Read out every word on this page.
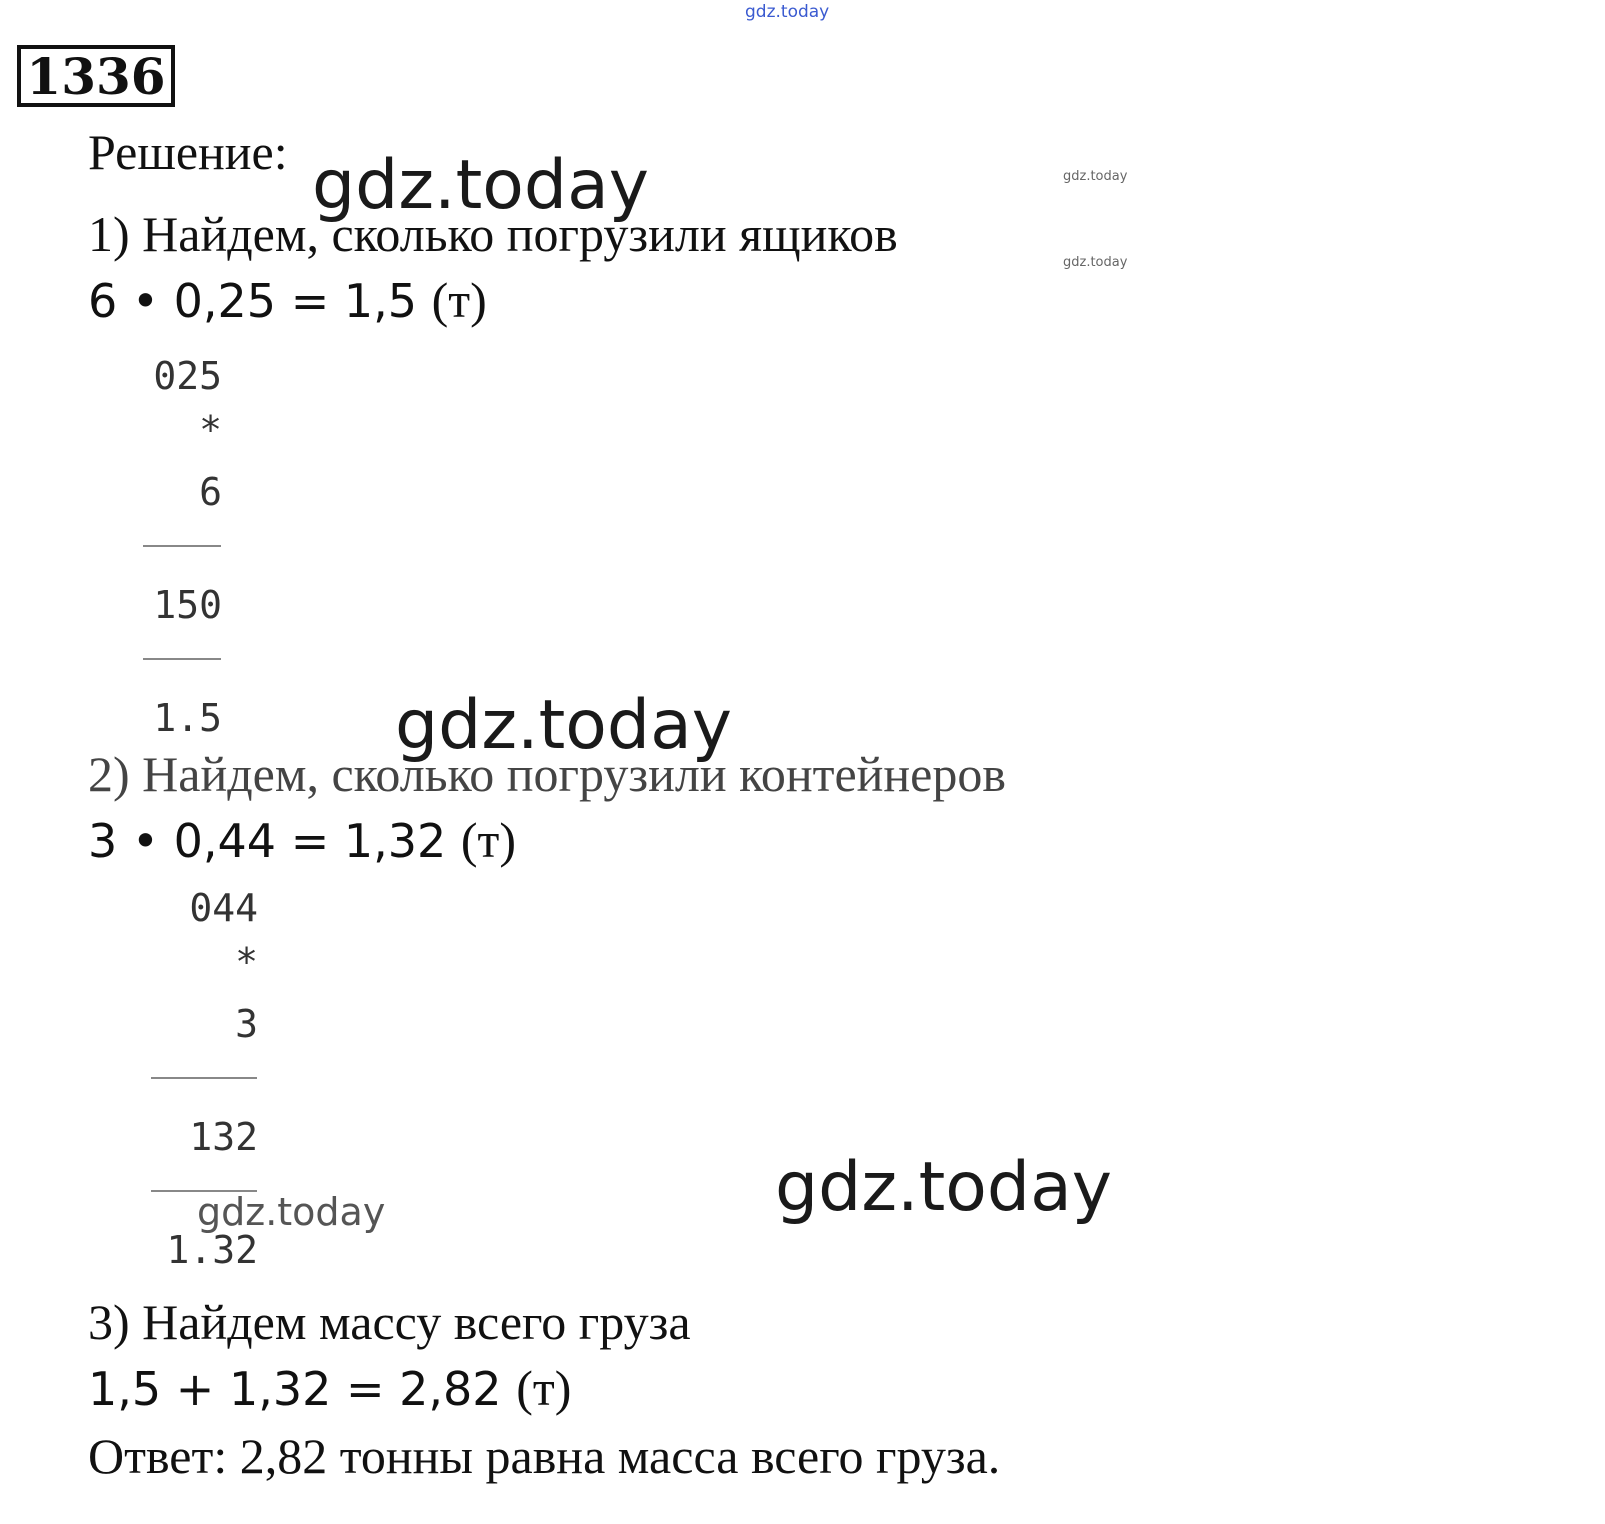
gdz.today
1336
Решение:	gdz.today
gdz.today
gdz.today
1) Найдем, сколько погрузили ящиков
6 • 0,25 = 1,5 (т)
025
*
6
150
1.5	gdz.today
2) Найдем, сколько погрузили контейнеров
3 • 0,44 = 1,32 (т)
044
*
3
132
gdz.today
1.32
gdz.today
3) Найдем массу всего груза
1,5 + 1,32 = 2,82 (т)
Ответ: 2,82 тонны равна масса всего груза.
